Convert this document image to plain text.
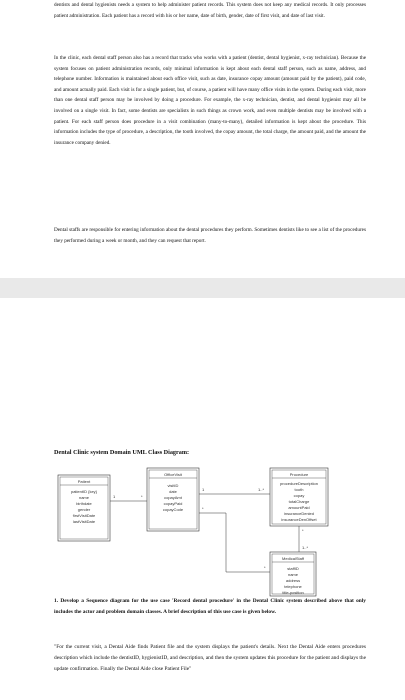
dentists and dental hygienists needs a system to help administer patient records. This system does not keep any medical records. It only processes patient administration. Each patient has a record with his or her name, date of birth, gender, date of first visit, and date of last visit.

In the clinic, each dental staff person also has a record that tracks who works with a patient (dentist, dental hygienist, x-ray technician). Because the system focuses on patient administration records, only minimal information is kept about each dental staff person, such as name, address, and telephone number. Information is maintained about each office visit, such as date, insurance copay amount (amount paid by the patient), paid code, and amount actually paid. Each visit is for a single patient, but, of course, a patient will have many office visits in the system. During each visit, more than one dental staff person may be involved by doing a procedure. For example, the x-ray technician, dentist, and dental hygienist may all be involved on a single visit. In fact, some dentists are specialists in such things as crown work, and even multiple dentists may be involved with a patient. For each staff person does procedure in a visit combination (many-to-many), detailed information is kept about the procedure. This information includes the type of procedure, a description, the tooth involved, the copay amount, the total charge, the amount paid, and the amount the insurance company denied.

Dental staffs are responsible for entering information about the dental procedures they perform. Sometimes dentists like to see a list of the procedures they performed during a week or month, and they can request that report.

Dental Clinic system Domain UML Class Diagram:

Patient
patientID {key}
name
birthdate
gender
firstVisitDate
lastVisitDate
OfficeVisit
visitID
date
copayAmt
copayPaid
copayCode
Procedure
procedureDescription
tooth
copay
totalCharge
amountPaid
insuranceDenied
insuranceDenOffset
MedicalStaff
staffID
name
address
telephone
title-position
1	*
1	1..*
*
*
*
1..*

1. Develop a Sequence diagram for the use case 'Record dental procedure' in the Dental Clinic system described above that only includes the actor and problem domain classes. A brief description of this use case is given below.

"For the current visit, a Dental Aide finds Patient file and the system displays the patient's details. Next the Dental Aide enters procedures description which include the dentistID, hygienistID, and description, and then the system updates this procedure for the patient and displays the update confirmation. Finally the Dental Aide close Patient File"
